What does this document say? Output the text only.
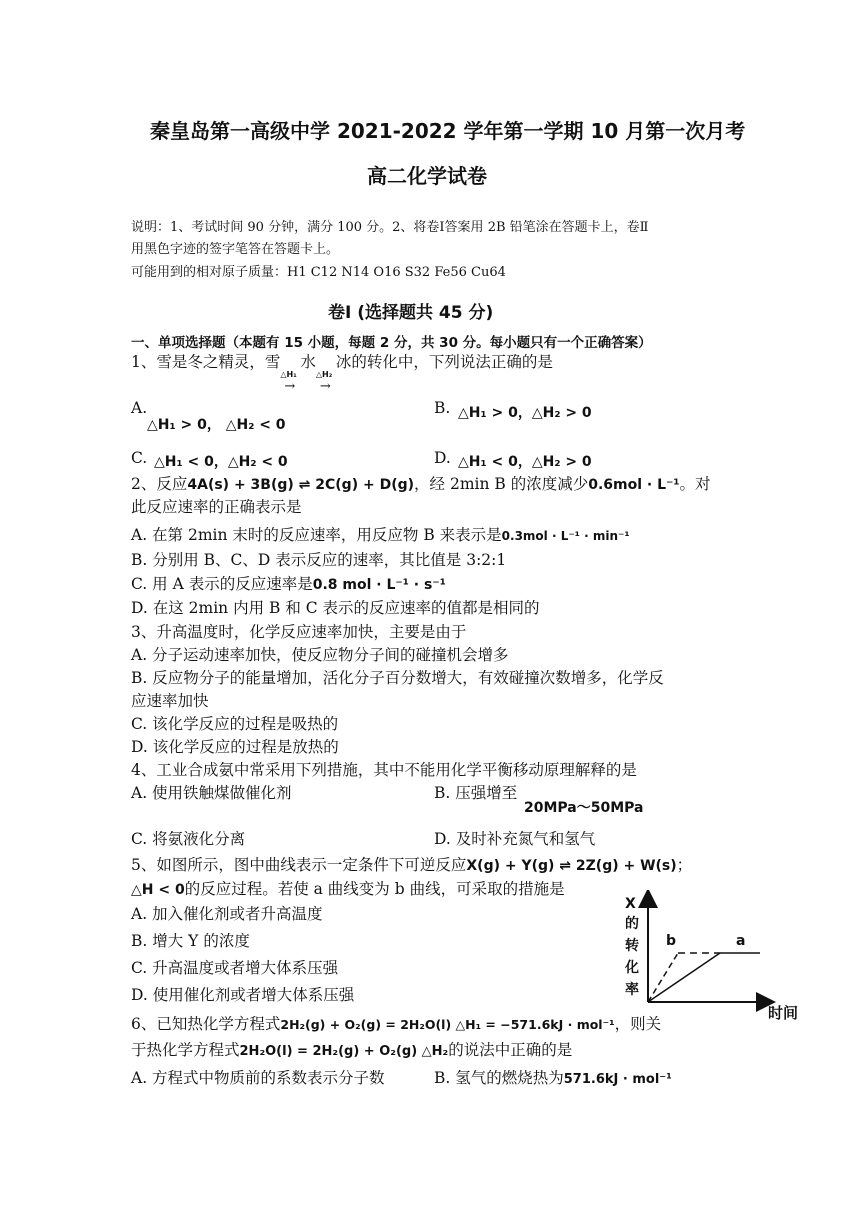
秦皇岛第一高级中学 2021-2022 学年第一学期 10 月第一次月考
高二化学试卷
说明：1、考试时间 90 分钟，满分 100 分。2、将卷Ⅰ答案用 2B 铅笔涂在答题卡上，卷Ⅱ
用黑色字迹的签字笔答在答题卡上。
可能用到的相对原子质量：H1 C12 N14 O16 S32 Fe56 Cu64
卷Ⅰ (选择题共 45 分)
一、单项选择题（本题有 15 小题，每题 2 分，共 30 分。每小题只有一个正确答案）
1、雪是冬之精灵，雪
△H₁
→
水
△H₂
→
冰的转化中，下列说法正确的是
A.
△H₁ > 0， △H₂ < 0
B. △H₁ > 0，△H₂ > 0
C. △H₁ < 0，△H₂ < 0	D. △H₁ < 0，△H₂ > 0
2、反应4A(s) + 3B(g) ⇌ 2C(g) + D(g)，经 2min B 的浓度减少0.6mol · L⁻¹。对
此反应速率的正确表示是
A. 在第 2min 末时的反应速率，用反应物 B 来表示是0.3mol · L⁻¹ · min⁻¹
B. 分别用 B、C、D 表示反应的速率，其比值是 3:2:1
C. 用 A 表示的反应速率是0.8 mol · L⁻¹ · s⁻¹
D. 在这 2min 内用 B 和 C 表示的反应速率的值都是相同的
3、升高温度时，化学反应速率加快，主要是由于
A. 分子运动速率加快，使反应物分子间的碰撞机会增多
B. 反应物分子的能量增加，活化分子百分数增大，有效碰撞次数增多，化学反
应速率加快
C. 该化学反应的过程是吸热的
D. 该化学反应的过程是放热的
4、工业合成氨中常采用下列措施，其中不能用化学平衡移动原理解释的是
A. 使用铁触煤做催化剂	B. 压强增至
20MPa～50MPa
C. 将氨液化分离	D. 及时补充氮气和氢气
5、如图所示，图中曲线表示一定条件下可逆反应X(g) + Y(g) ⇌ 2Z(g) + W(s)；
△H < 0的反应过程。若使 a 曲线变为 b 曲线，可采取的措施是
A. 加入催化剂或者升高温度
B. 增大 Y 的浓度
C. 升高温度或者增大体系压强
D. 使用催化剂或者增大体系压强
X
的
转
化
率
b	a
时间
6、已知热化学方程式2H₂(g) + O₂(g) = 2H₂O(l) △H₁ = −571.6kJ · mol⁻¹，则关
于热化学方程式2H₂O(l) = 2H₂(g) + O₂(g) △H₂的说法中正确的是
A. 方程式中物质前的系数表示分子数	B. 氢气的燃烧热为571.6kJ · mol⁻¹
